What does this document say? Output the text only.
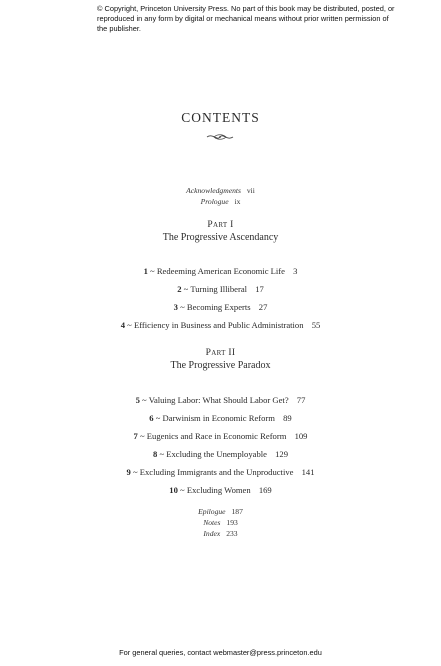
© Copyright, Princeton University Press. No part of this book may be distributed, posted, or reproduced in any form by digital or mechanical means without prior written permission of the publisher.
CONTENTS
Acknowledgments vii
Prologue ix
Part I
The Progressive Ascendancy
1 ~ Redeeming American Economic Life 3
2 ~ Turning Illiberal 17
3 ~ Becoming Experts 27
4 ~ Efficiency in Business and Public Administration 55
Part II
The Progressive Paradox
5 ~ Valuing Labor: What Should Labor Get? 77
6 ~ Darwinism in Economic Reform 89
7 ~ Eugenics and Race in Economic Reform 109
8 ~ Excluding the Unemployable 129
9 ~ Excluding Immigrants and the Unproductive 141
10 ~ Excluding Women 169
Epilogue 187
Notes 193
Index 233
For general queries, contact webmaster@press.princeton.edu
